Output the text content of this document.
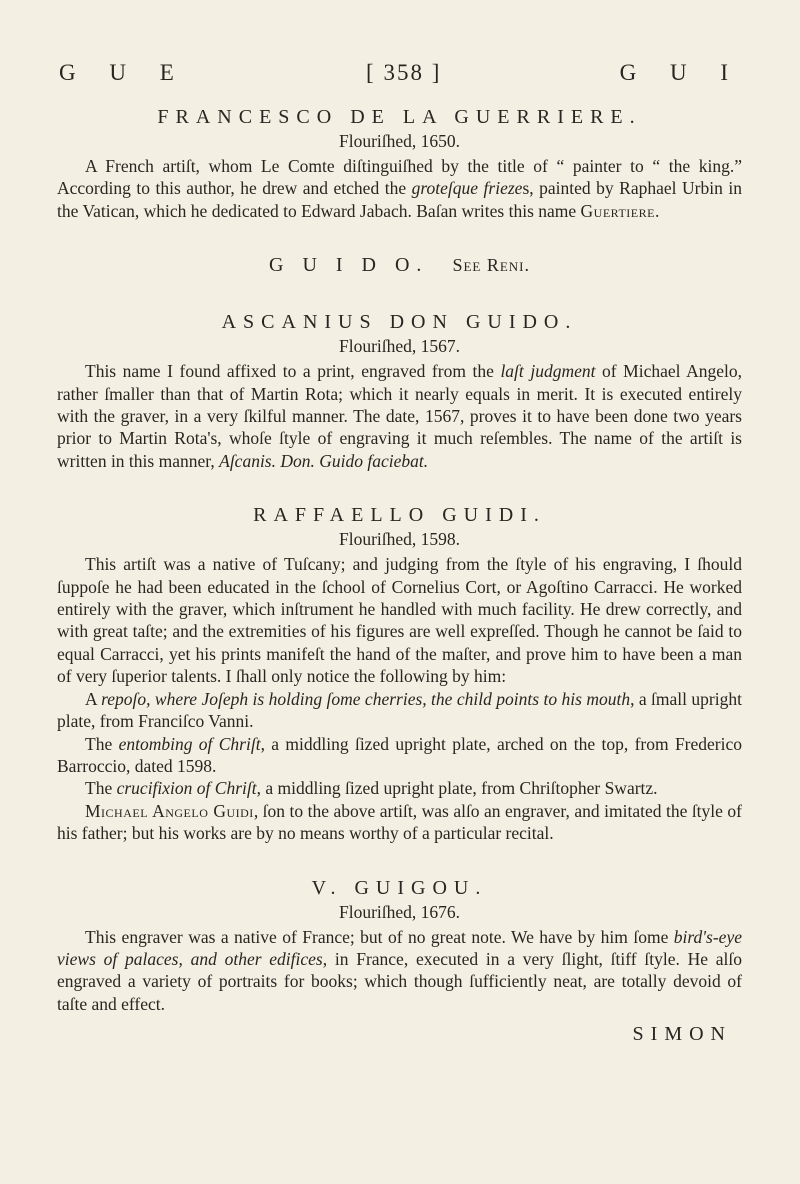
G U E	[ 358 ]	G U I
FRANCESCO DE LA GUERRIERE.
Flouriſhed, 1650.

A French artiſt, whom Le Comte diſtinguiſhed by the title of “ painter to “ the king.” According to this author, he drew and etched the groteſque friezes, painted by Raphael Urbin in the Vatican, which he dedicated to Edward Jabach. Baſan writes this name Guertiere.

G U I D O. See Reni.
ASCANIUS DON GUIDO.
Flouriſhed, 1567.

This name I found affixed to a print, engraved from the laſt judgment of Michael Angelo, rather ſmaller than that of Martin Rota; which it nearly equals in merit. It is executed entirely with the graver, in a very ſkilful manner. The date, 1567, proves it to have been done two years prior to Martin Rota's, whoſe ſtyle of engraving it much reſembles. The name of the artiſt is written in this manner, Aſcanis. Don. Guido faciebat.

RAFFAELLO GUIDI.
Flouriſhed, 1598.

This artiſt was a native of Tuſcany; and judging from the ſtyle of his engraving, I ſhould ſuppoſe he had been educated in the ſchool of Cornelius Cort, or Agoſtino Carracci. He worked entirely with the graver, which inſtrument he handled with much facility. He drew correctly, and with great taſte; and the extremities of his figures are well expreſſed. Though he cannot be ſaid to equal Carracci, yet his prints manifeſt the hand of the maſter, and prove him to have been a man of very ſuperior talents. I ſhall only notice the following by him:

A repoſo, where Joſeph is holding ſome cherries, the child points to his mouth, a ſmall upright plate, from Franciſco Vanni.

The entombing of Chriſt, a middling ſized upright plate, arched on the top, from Frederico Barroccio, dated 1598.

The crucifixion of Chriſt, a middling ſized upright plate, from Chriſtopher Swartz.

Michael Angelo Guidi, ſon to the above artiſt, was alſo an engraver, and imitated the ſtyle of his father; but his works are by no means worthy of a particular recital.

V. GUIGOU.
Flouriſhed, 1676.

This engraver was a native of France; but of no great note. We have by him ſome bird's-eye views of palaces, and other edifices, in France, executed in a very ſlight, ſtiff ſtyle. He alſo engraved a variety of portraits for books; which though ſufficiently neat, are totally devoid of taſte and effect.

SIMON
